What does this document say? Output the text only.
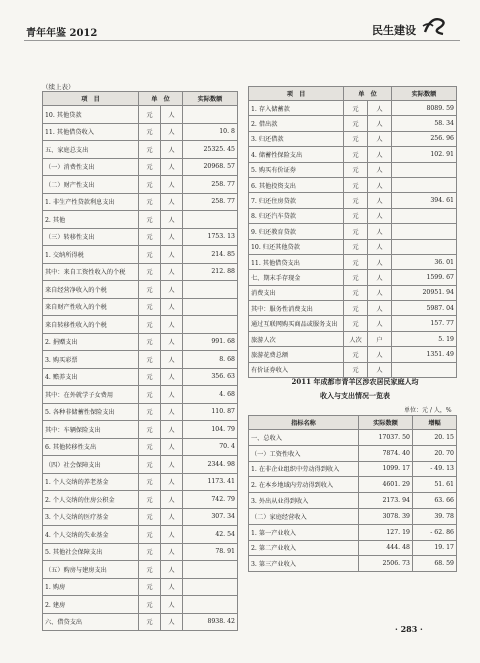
青年年鉴 2012	民生建设
（续上表）
项　目	单　位		实际数额
10. 其他贷款	元	人	
11. 其他借贷收入	元	人	10. 8
五、家庭总支出	元	人	25325. 45
（一）消费性支出	元	人	20968. 57
（二）财产性支出	元	人	258. 77
1. 非生产性贷款利息支出	元	人	258. 77
2. 其他	元	人	
（三）转移性支出	元	人	1753. 13
1. 交纳所得税	元	人	214. 85
其中：来自工资性收入的个税	元	人	212. 88
来自经营净收入的个税	元	人	
来自财产性收入的个税	元	人	
来自转移性收入的个税	元	人	
2. 捐赠支出	元	人	991. 68
3. 购买彩票	元	人	8. 68
4. 赡养支出	元	人	356. 63
其中：在外就学子女费用	元	人	4. 68
5. 各种非储蓄性保险支出	元	人	110. 87
其中：车辆保险支出	元	人	104. 79
6. 其他转移性支出	元	人	70. 4
（四）社会保障支出	元	人	2344. 98
1. 个人交纳的养老基金	元	人	1173. 41
2. 个人交纳的住房公积金	元	人	742. 79
3. 个人交纳的医疗基金	元	人	307. 34
4. 个人交纳的失业基金	元	人	42. 54
5. 其他社会保障支出	元	人	78. 91
（五）购房与建房支出	元	人	
1. 购房	元	人	
2. 建房	元	人	
六、借贷支出	元	人	8938. 42
项　目	单　位		实际数额
1. 存入储蓄款	元	人	8089. 59
2. 借出款	元	人	58. 34
3. 归还借款	元	人	256. 96
4. 储蓄性保险支出	元	人	102. 91
5. 购买有价证券	元	人	
6. 其他投资支出	元	人	
7. 归还住房贷款	元	人	394. 61
8. 归还汽车贷款	元	人	
9. 归还教育贷款	元	人	
10. 归还其他贷款	元	人	
11. 其他借贷支出	元	人	36. 01
七、期末手存现金	元	人	1599. 67
消费支出	元	人	20951. 94
其中：服务性消费支出	元	人	5987. 04
通过互联网购买商品或服务支出	元	人	157. 77
旅游人次	人次	户	5. 19
旅游花费总额	元	人	1351. 49
有价证券收入	元	人	
2011 年成都市青羊区涉农居民家庭人均
收入与支出情况一览表
单位：元 / 人，%
指标名称	实际数额	增幅
一、总收入	17037. 50	20. 15
（一）工资性收入	7874. 40	20. 70
1. 在非企业组织中劳动得到收入	1099. 17	- 49. 13
2. 在本乡地域内劳动得到收入	4601. 29	51. 61
3. 外出从业得到收入	2173. 94	63. 66
（二）家庭经营收入	3078. 39	39. 78
1. 第一产业收入	127. 19	- 62. 86
2. 第二产业收入	444. 48	19. 17
3. 第三产业收入	2506. 73	68. 59
· 283 ·
